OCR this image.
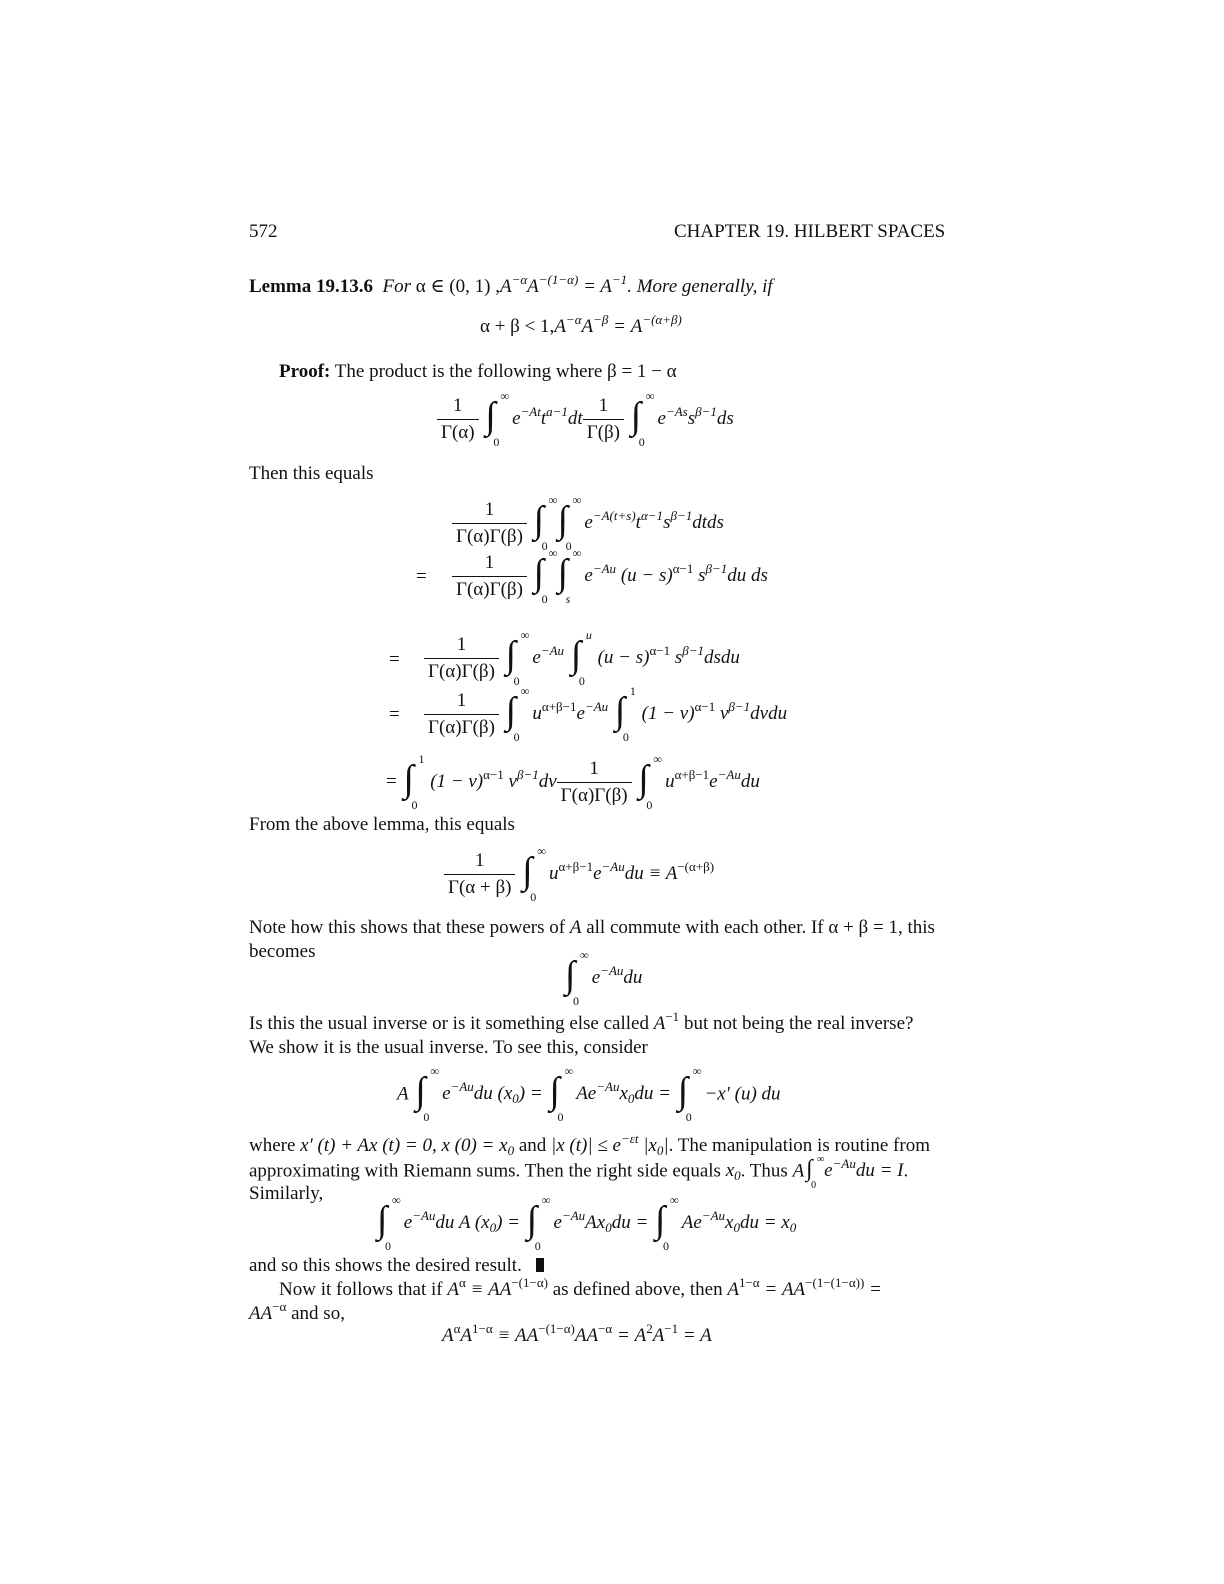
572	CHAPTER 19. HILBERT SPACES
Lemma 19.13.6 For α ∈ (0, 1) $,A^{-\alpha}A^{-(1-\alpha)} = A^{-1}$. More generally, if
$\alpha + \beta < 1,A^{-\alpha}A^{-\beta} = A^{-(\alpha+\beta)}$
Proof: The product is the following where β = 1 − α
$\frac{1}{\Gamma(\alpha)}$
∫ ∞
0
$e^{-At}t^{a-1}dt \frac{1}{\Gamma(\beta)}$
∫ ∞
0
$e^{-As}s^{\beta-1}ds$
Then this equals
$\frac{1}{\Gamma(\alpha)\Gamma(\beta)}$
∫ ∞
0
∫ ∞
0
$e^{-A(t+s)}t^{\alpha-1}s^{\beta-1}dtds$
= $\frac{1}{\Gamma(\alpha)\Gamma(\beta)}$
∫ ∞
0
∫ ∞
s
$e^{-Au}$ $(u - s)^{\alpha-1}$ $s^{\beta-1}du$ ds
= $\frac{1}{\Gamma(\alpha)\Gamma(\beta)}$
∫ ∞
0
$e^{-Au}$ ∫ u
0
$(u - s)^{\alpha-1}$ $s^{\beta-1}dsdu$
= $\frac{1}{\Gamma(\alpha)\Gamma(\beta)}$
∫ ∞
0
$u^{\alpha+\beta-1}e^{-Au}$ ∫ 1
0
$(1 - v)^{\alpha-1}$ $v^{\beta-1}dvdu$
= ∫ 1
0
$(1 - v)^{\alpha-1}$ $v^{\beta-1}dv \frac{1}{\Gamma(\alpha)\Gamma(\beta)}$
∫ ∞
0
$u^{\alpha+\beta-1}e^{-Au}du$
From the above lemma, this equals
$\frac{1}{\Gamma(\alpha + \beta)}$
∫ ∞
0
$u^{\alpha+\beta-1}e^{-Au}du \equiv A^{-(\alpha+\beta)}$
Note how this shows that these powers of A all commute with each other. If α + β = 1, this
becomes
∫ ∞
0
$e^{-Au}du$
Is this the usual inverse or is it something else called $A^{-1}$ but not being the real inverse?
We show it is the usual inverse. To see this, consider
A ∫ ∞
0
$e^{-Au}du$ $(x_0)$ = ∫ ∞
0
$Ae^{-Au}x_0du$ = ∫ ∞
0
−x′ (u) du
where x′ (t) + Ax (t) = 0, x $(0) = x_0$ and |x $(t)| \le e^{-\varepsilon t}$ $|x_0|$. The manipulation is routine from
approximating with Riemann sums. Then the right side equals $x_0$. Thus A ∫ ∞
0
$e^{-Au}du = I$.
Similarly,
∫ ∞
0
$e^{-Au}du$ A $(x_0)$ = ∫ ∞
0
$e^{-Au}Ax_0du$ = ∫ ∞
0
$Ae^{-Au}x_0du = x_0$
and so this shows the desired result.
Now it follows that if $A^\alpha \equiv AA^{-(1-\alpha)}$ as defined above, then $A^{1-\alpha} = AA^{-(1-(1-\alpha))}$ =
$AA^{-\alpha}$ and so,
$A^\alpha A^{1-\alpha} \equiv AA^{-(1-\alpha)}AA^{-\alpha} = A^2A^{-1} = A$
